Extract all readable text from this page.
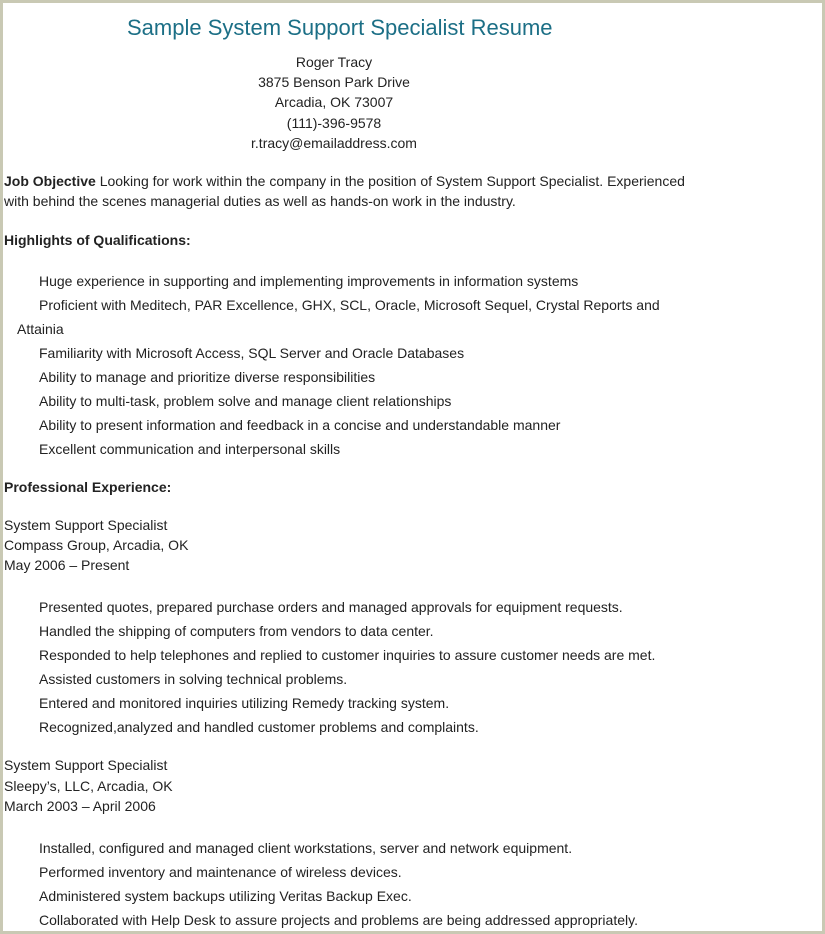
Sample System Support Specialist Resume
Roger Tracy
3875 Benson Park Drive
Arcadia, OK 73007
(111)-396-9578
r.tracy@emailaddress.com
Job Objective Looking for work within the company in the position of System Support Specialist. Experienced
with behind the scenes managerial duties as well as hands-on work in the industry.
Highlights of Qualifications:
Huge experience in supporting and implementing improvements in information systems
Proficient with Meditech, PAR Excellence, GHX, SCL, Oracle, Microsoft Sequel, Crystal Reports and
Attainia
Familiarity with Microsoft Access, SQL Server and Oracle Databases
Ability to manage and prioritize diverse responsibilities
Ability to multi-task, problem solve and manage client relationships
Ability to present information and feedback in a concise and understandable manner
Excellent communication and interpersonal skills
Professional Experience:
System Support Specialist
Compass Group, Arcadia, OK
May 2006 – Present
Presented quotes, prepared purchase orders and managed approvals for equipment requests.
Handled the shipping of computers from vendors to data center.
Responded to help telephones and replied to customer inquiries to assure customer needs are met.
Assisted customers in solving technical problems.
Entered and monitored inquiries utilizing Remedy tracking system.
Recognized,analyzed and handled customer problems and complaints.
System Support Specialist
Sleepy’s, LLC, Arcadia, OK
March 2003 – April 2006
Installed, configured and managed client workstations, server and network equipment.
Performed inventory and maintenance of wireless devices.
Administered system backups utilizing Veritas Backup Exec.
Collaborated with Help Desk to assure projects and problems are being addressed appropriately.
